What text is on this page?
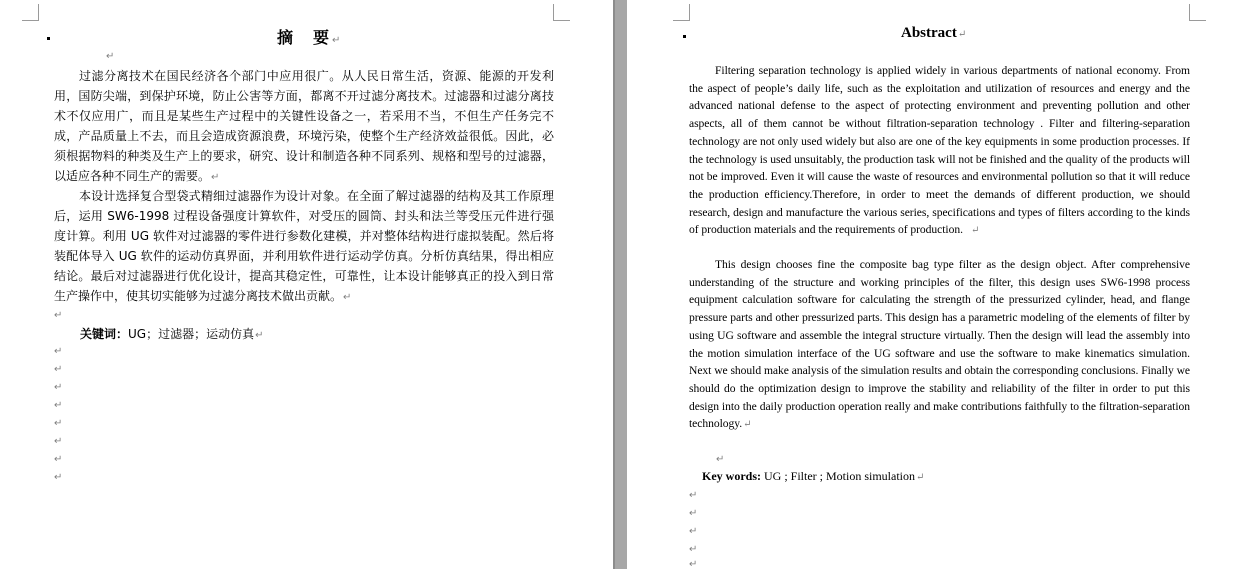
摘　要↵
↵
过滤分离技术在国民经济各个部门中应用很广。从人民日常生活，资源、能源的开发利用，国防尖端，到保护环境，防止公害等方面，都离不开过滤分离技术。过滤器和过滤分离技术不仅应用广，而且是某些生产过程中的关键性设备之一，若采用不当，不但生产任务完不成，产品质量上不去，而且会造成资源浪费，环境污染，使整个生产经济效益很低。因此，必须根据物料的种类及生产上的要求，研究、设计和制造各种不同系列、规格和型号的过滤器，以适应各种不同生产的需要。↵
本设计选择复合型袋式精细过滤器作为设计对象。在全面了解过滤器的结构及其工作原理后，运用 SW6-1998 过程设备强度计算软件，对受压的圆筒、封头和法兰等受压元件进行强度计算。利用 UG 软件对过滤器的零件进行参数化建模，并对整体结构进行虚拟装配。然后将装配体导入 UG 软件的运动仿真界面，并利用软件进行运动学仿真。分析仿真结果，得出相应结论。最后对过滤器进行优化设计，提高其稳定性，可靠性，让本设计能够真正的投入到日常生产操作中，使其切实能够为过滤分离技术做出贡献。↵
↵
关键词：UG；过滤器；运动仿真↵
↵
↵
↵
↵
↵
↵
↵
↵
Abstract↵
Filtering separation technology is applied widely in various departments of national economy. From the aspect of people’s daily life, such as the exploitation and utilization of resources and energy and the advanced national defense to the aspect of protecting environment and preventing pollution and other aspects, all of them cannot be without filtration-separation technology . Filter and filtering-separation technology are not only used widely but also are one of the key equipments in some production processes. If the technology is used unsuitably, the production task will not be finished and the quality of the products will not be improved. Even it will cause the waste of resources and environmental pollution so that it will reduce the production efficiency.Therefore, in order to meet the demands of different production, we should research, design and manufacture the various series, specifications and types of filters according to the kinds of production materials and the requirements of production. ↵
This design chooses fine the composite bag type filter as the design object. After comprehensive understanding of the structure and working principles of the filter, this design uses SW6-1998 process equipment calculation software for calculating the strength of the pressurized cylinder, head, and flange pressure parts and other pressurized parts. This design has a parametric modeling of the elements of filter by using UG software and assemble the integral structure virtually. Then the design will lead the assembly into the motion simulation interface of the UG software and use the software to make kinematics simulation. Next we should make analysis of the simulation results and obtain the corresponding conclusions. Finally we should do the optimization design to improve the stability and reliability of the filter in order to put this design into the daily production operation really and make contributions faithfully to the filtration-separation technology.↵
↵
Key words: UG ; Filter ; Motion simulation↵
↵
↵
↵
↵
↵
